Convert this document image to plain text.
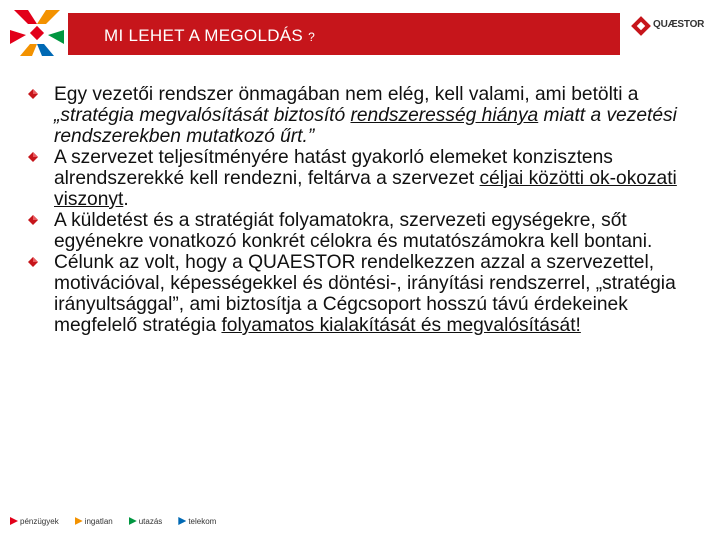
MI LEHET A MEGOLDÁS ?
QUÆSTOR
Egy vezetői rendszer önmagában nem elég, kell valami, ami betölti a „stratégia megvalósítását biztosító rendszeresség hiánya miatt a vezetési rendszerekben mutatkozó űrt.”
A szervezet teljesítményére hatást gyakorló elemeket konzisztens alrendszerekké kell rendezni, feltárva a szervezet céljai közötti ok-okozati viszonyt.
A küldetést és a stratégiát folyamatokra, szervezeti egységekre, sőt egyénekre vonatkozó konkrét célokra és mutatószámokra kell bontani.
Célunk az volt, hogy a QUAESTOR rendelkezzen azzal a szervezettel, motivációval, képességekkel és döntési-, irányítási rendszerrel, „stratégia irányultsággal”, ami biztosítja a Cégcsoport hosszú távú érdekeinek megfelelő stratégia folyamatos kialakítását és megvalósítását!
pénzügyek	ingatlan	utazás	telekom
